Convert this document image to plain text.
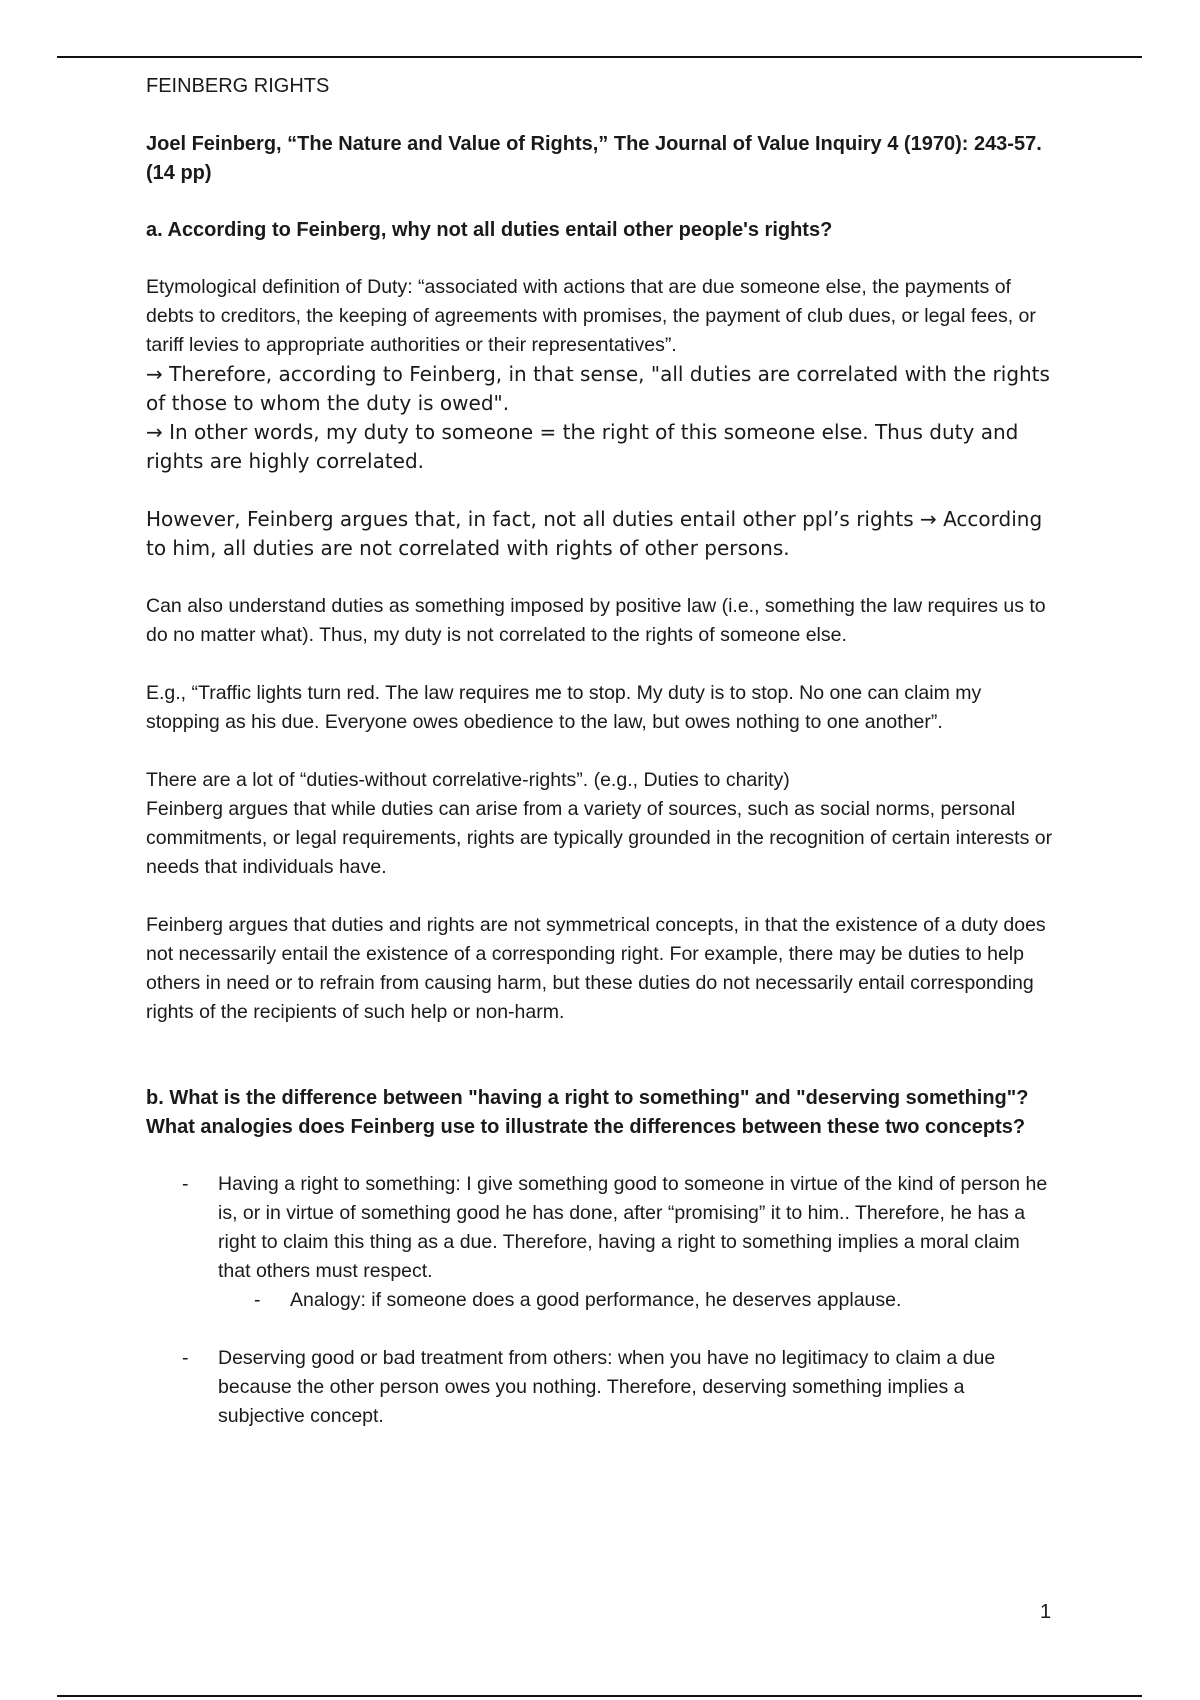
FEINBERG RIGHTS

Joel Feinberg, “The Nature and Value of Rights,” The Journal of Value Inquiry 4 (1970): 243-57. (14 pp)

a. According to Feinberg, why not all duties entail other people's rights?

Etymological definition of Duty: “associated with actions that are due someone else, the payments of debts to creditors, the keeping of agreements with promises, the payment of club dues, or legal fees, or tariff levies to appropriate authorities or their representatives”.
→ Therefore, according to Feinberg, in that sense, "all duties are correlated with the rights of those to whom the duty is owed".
→ In other words, my duty to someone = the right of this someone else. Thus duty and rights are highly correlated.

However, Feinberg argues that, in fact, not all duties entail other ppl’s rights → According to him, all duties are not correlated with rights of other persons.

Can also understand duties as something imposed by positive law (i.e., something the law requires us to do no matter what). Thus, my duty is not correlated to the rights of someone else.

E.g., “Traffic lights turn red. The law requires me to stop. My duty is to stop. No one can claim my stopping as his due. Everyone owes obedience to the law, but owes nothing to one another”.

There are a lot of “duties-without correlative-rights”. (e.g., Duties to charity)
Feinberg argues that while duties can arise from a variety of sources, such as social norms, personal commitments, or legal requirements, rights are typically grounded in the recognition of certain interests or needs that individuals have.

Feinberg argues that duties and rights are not symmetrical concepts, in that the existence of a duty does not necessarily entail the existence of a corresponding right. For example, there may be duties to help others in need or to refrain from causing harm, but these duties do not necessarily entail corresponding rights of the recipients of such help or non-harm.

b. What is the difference between "having a right to something" and "deserving something"? What analogies does Feinberg use to illustrate the differences between these two concepts?

- Having a right to something: I give something good to someone in virtue of the kind of person he is, or in virtue of something good he has done, after “promising” it to him.. Therefore, he has a right to claim this thing as a due. Therefore, having a right to something implies a moral claim that others must respect.
- Analogy: if someone does a good performance, he deserves applause.
- Deserving good or bad treatment from others: when you have no legitimacy to claim a due because the other person owes you nothing. Therefore, deserving something implies a subjective concept.
1
